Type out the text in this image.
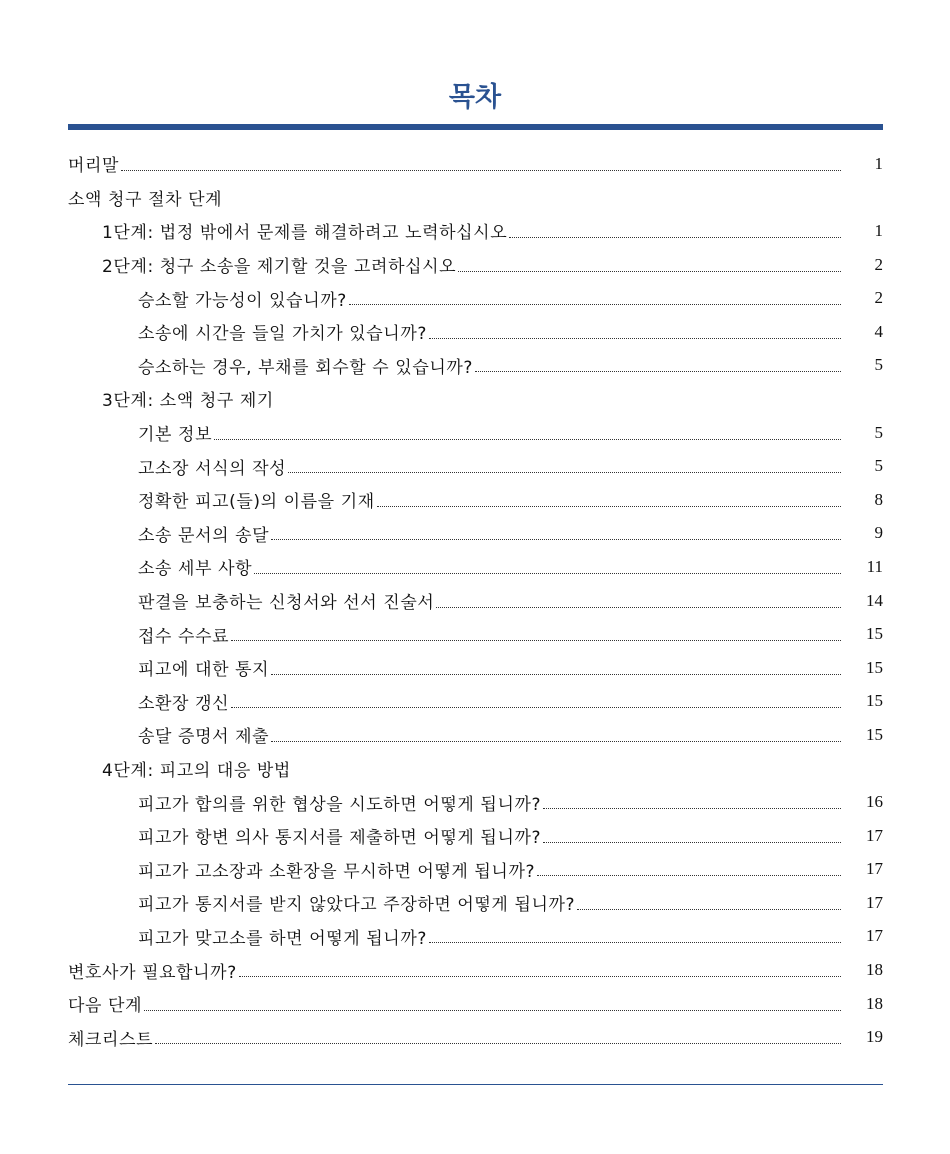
목차
머리말	1
소액 청구 절차 단계
1단계: 법정 밖에서 문제를 해결하려고 노력하십시오	1
2단계: 청구 소송을 제기할 것을 고려하십시오	2
승소할 가능성이 있습니까?	2
소송에 시간을 들일 가치가 있습니까?	4
승소하는 경우, 부채를 회수할 수 있습니까?	5
3단계: 소액 청구 제기
기본 정보	5
고소장 서식의 작성	5
정확한 피고(들)의 이름을 기재	8
소송 문서의 송달	9
소송 세부 사항	11
판결을 보충하는 신청서와 선서 진술서	14
접수 수수료	15
피고에 대한 통지	15
소환장 갱신	15
송달 증명서 제출	15
4단계: 피고의 대응 방법
피고가 합의를 위한 협상을 시도하면 어떻게 됩니까?	16
피고가 항변 의사 통지서를 제출하면 어떻게 됩니까?	17
피고가 고소장과 소환장을 무시하면 어떻게 됩니까?	17
피고가 통지서를 받지 않았다고 주장하면 어떻게 됩니까?	17
피고가 맞고소를 하면 어떻게 됩니까?	17
변호사가 필요합니까?	18
다음 단계	18
체크리스트	19
